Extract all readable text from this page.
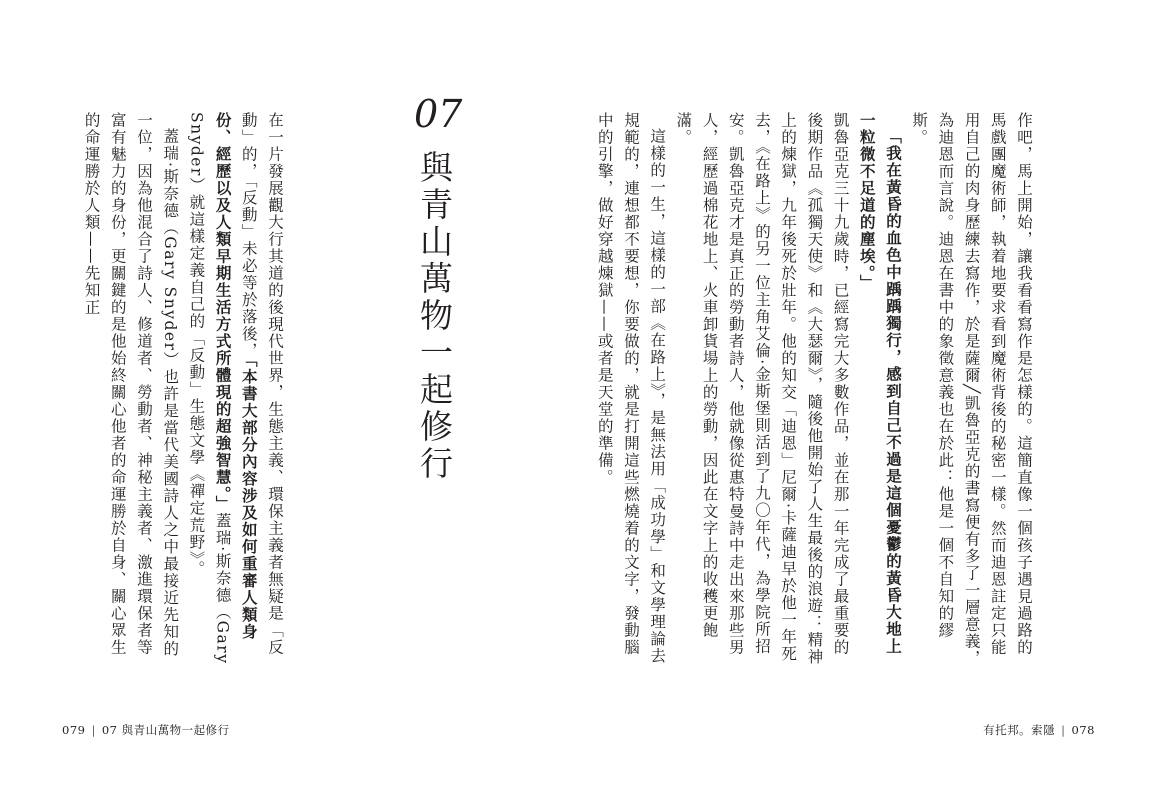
作吧，馬上開始，讓我看看寫作是怎樣的。這簡直像一個孩子遇見過路的馬戲團魔術師，執着地要求看到魔術背後的秘密一樣。然而迪恩註定只能用自己的肉身歷練去寫作，於是薩爾╱凱魯亞克的書寫便有多了一層意義，為迪恩而言說。迪恩在書中的象徵意義也在於此：他是一個不自知的繆斯。

「我在黃昏的血色中踽踽獨行，感到自己不過是這個憂鬱的黃昏大地上一粒微不足道的塵埃。」

凱魯亞克三十九歲時，已經寫完大多數作品，並在那一年完成了最重要的後期作品《孤獨天使》和《大瑟爾》，隨後他開始了人生最後的浪遊：精神上的煉獄，九年後死於壯年。他的知交「迪恩」尼爾·卡薩迪早於他一年死去，《在路上》的另一位主角艾倫·金斯堡則活到了九〇年代，為學院所招安。凱魯亞克才是真正的勞動者詩人，他就像從惠特曼詩中走出來那些男人，經歷過棉花地上、火車卸貨場上的勞動，因此在文字上的收穫更飽滿。

這樣的一生，這樣的一部《在路上》，是無法用「成功學」和文學理論去規範的，連想都不要想，你要做的，就是打開這些燃燒着的文字，發動腦中的引擎，做好穿越煉獄——或者是天堂的準備。

07
與青山萬物一起修行

在一片發展觀大行其道的後現代世界，生態主義、環保主義者無疑是「反動」的，「反動」未必等於落後，「本書大部分內容涉及如何重審人類身份、經歷以及人類早期生活方式所體現的超強智慧。」蓋瑞·斯奈德（Gary Snyder）就這樣定義自己的「反動」生態文學《禪定荒野》。

蓋瑞·斯奈德（Gary Snyder）也許是當代美國詩人之中最接近先知的一位，因為他混合了詩人、修道者、勞動者、神秘主義者、激進環保者等富有魅力的身份，更關鍵的是他始終關心他者的命運勝於自身、關心眾生的命運勝於人類——先知正

079 | 07 與青山萬物一起修行	有托邦。索隱 | 078
